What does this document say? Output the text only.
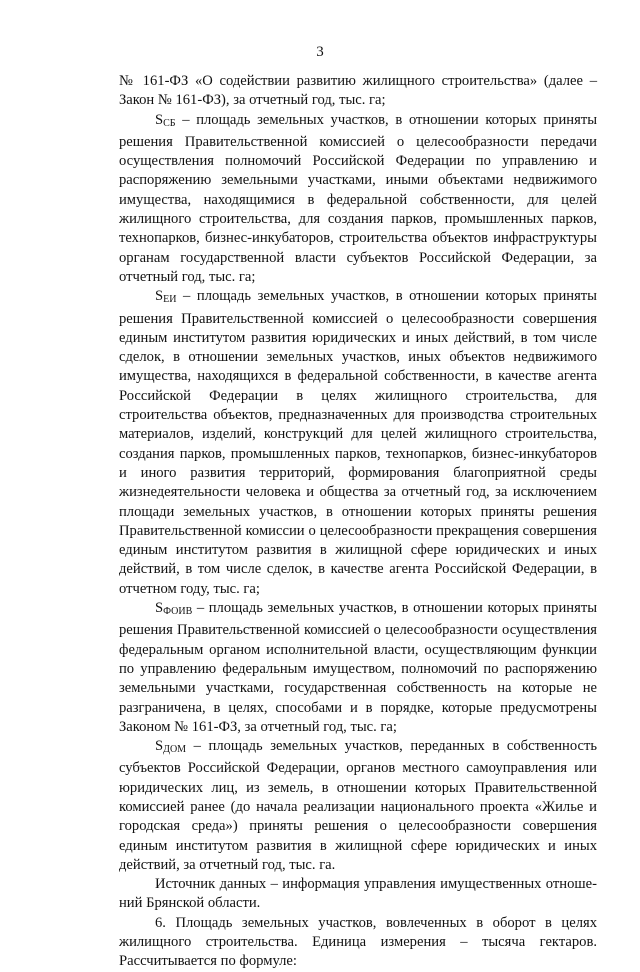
3

№ 161-ФЗ «О содействии развитию жилищного строительства» (далее – Закон № 161-ФЗ), за отчетный год, тыс. га;

$S_{СБ}$ – площадь земельных участков, в отношении которых приняты решения Правительственной комиссией о целесообразности передачи осуществления полномочий Российской Федерации по управлению и распоряжению земельными участками, иными объектами недвижимого имущества, находящимися в федеральной собственности, для целей жилищного строительства, для создания парков, промышленных парков, технопарков, бизнес-инкубаторов, строительства объектов инфраструктуры органам государственной власти субъектов Российской Федерации, за отчетный год, тыс. га;

$S_{ЕИ}$ – площадь земельных участков, в отношении которых приняты решения Правительственной комиссией о целесообразности совершения единым институтом развития юридических и иных действий, в том числе сделок, в отношении земельных участков, иных объектов недвижимого имущества, находящихся в федеральной собственности, в качестве агента Российской Федерации в целях жилищного строительства, для строительства объектов, предназначенных для производства строительных материалов, изделий, конструкций для целей жилищного строительства, создания парков, промышленных парков, технопарков, бизнес-инкубаторов и иного развития территорий, формирования благоприятной среды жизнедеятельности человека и общества за отчетный год, за исключением площади земельных участков, в отношении которых приняты решения Правительственной комиссии о целесообразности прекращения совершения единым институтом развития в жилищной сфере юридических и иных действий, в том числе сделок, в качестве агента Российской Федерации, в отчетном году, тыс. га;

$S_{ФОИВ}$ – площадь земельных участков, в отношении которых приняты решения Правительственной комиссией о целесообразности осуществления федеральным органом исполнительной власти, осуществляющим функции по управлению федеральным имуществом, полномочий по распоряжению земельными участками, государственная собственность на которые не разграничена, в целях, способами и в порядке, которые предусмотрены Законом № 161-ФЗ, за отчетный год, тыс. га;

$S_{ДОМ}$ – площадь земельных участков, переданных в собственность субъектов Российской Федерации, органов местного самоуправления или юридических лиц, из земель, в отношении которых Правительственной комиссией ранее (до начала реализации национального проекта «Жилье и городская среда») приняты решения о целесообразности совершения единым институтом развития в жилищной сфере юридических и иных действий, за отчетный год, тыс. га.

Источник данных – информация управления имущественных отношений Брянской области.

6. Площадь земельных участков, вовлеченных в оборот в целях жилищного строительства. Единица измерения – тысяча гектаров. Рассчитывается по формуле:
